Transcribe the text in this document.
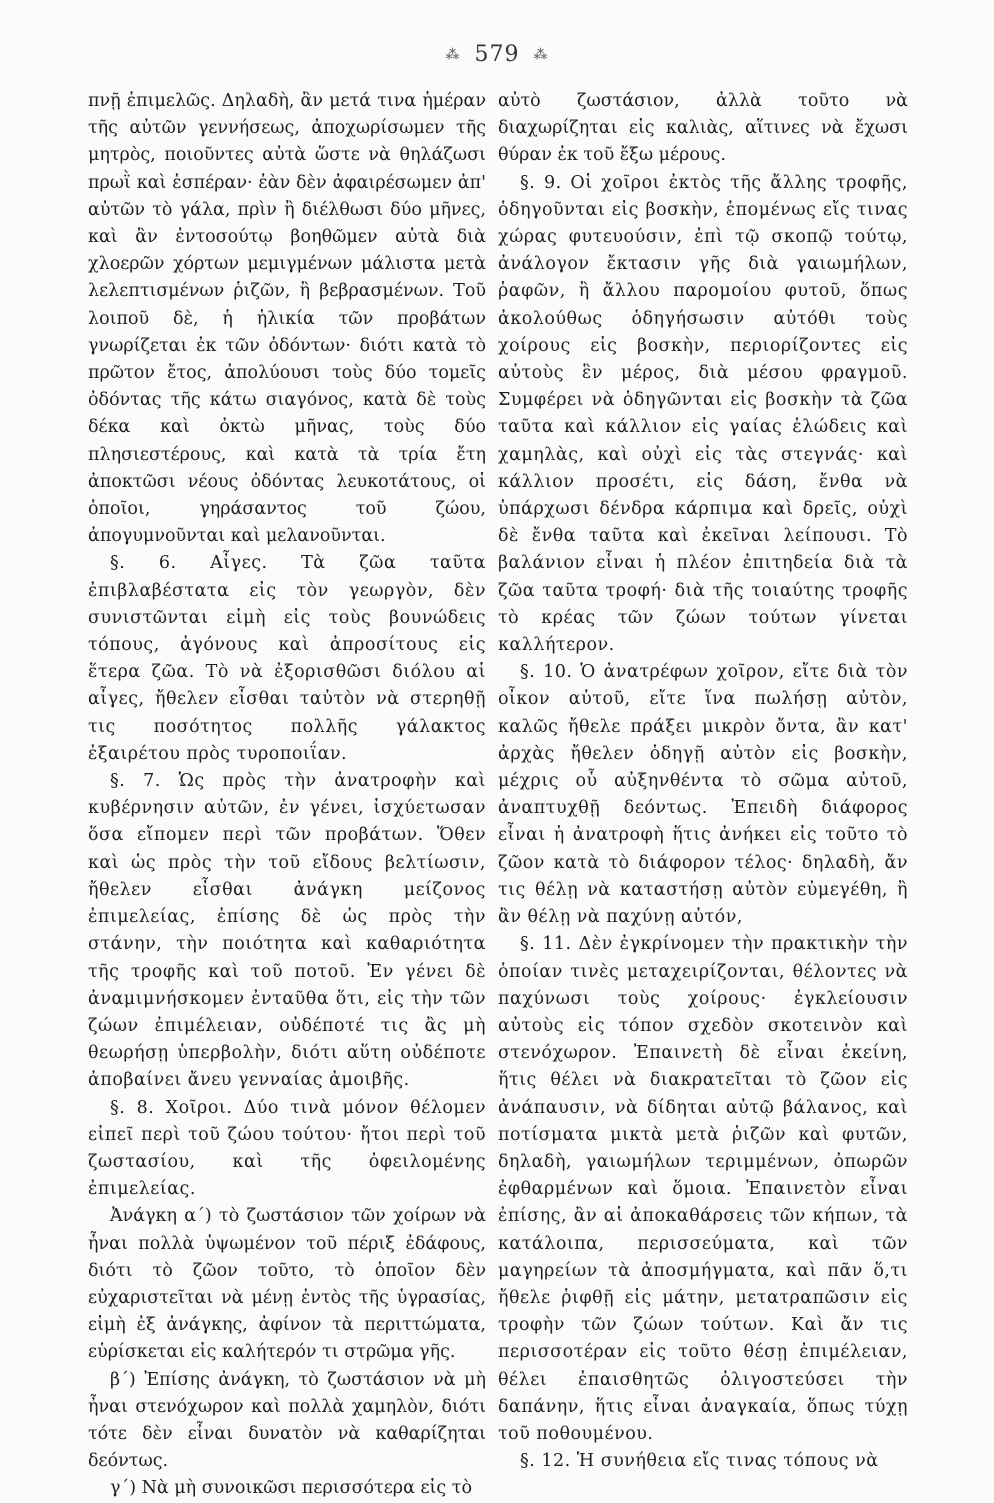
⁂ 579 ⁂

πνῇ ἐπιμελῶς. Δηλαδὴ, ἂν μετά τινα ἡμέραν τῆς αὐτῶν γεννήσεως, ἀποχωρίσωμεν τῆς μητρὸς, ποιοῦντες αὐτὰ ὥστε νὰ θηλάζωσι πρωῒ καὶ ἑσπέραν· ἐὰν δὲν ἀφαιρέσωμεν ἀπ' αὐτῶν τὸ γάλα, πρὶν ἢ διέλθωσι δύο μῆνες, καὶ ἂν ἐντοσούτῳ βοηθῶμεν αὐτὰ διὰ χλοερῶν χόρτων μεμιγμένων μάλιστα μετὰ λελεπτισμένων ῥιζῶν, ἢ βεβρασμένων. Τοῦ λοιποῦ δὲ, ἡ ἡλικία τῶν προβάτων γνωρίζεται ἐκ τῶν ὀδόντων· διότι κατὰ τὸ πρῶτον ἔτος, ἀπολύουσι τοὺς δύο τομεῖς ὀδόντας τῆς κάτω σιαγόνος, κατὰ δὲ τοὺς δέκα καὶ ὀκτὼ μῆνας, τοὺς δύο πλησιεστέρους, καὶ κατὰ τὰ τρία ἔτη ἀποκτῶσι νέους ὀδόντας λευκοτάτους, οἱ ὁποῖοι, γηράσαντος τοῦ ζώου, ἀπογυμνοῦνται καὶ μελανοῦνται.

§. 6. Αἶγες. Τὰ ζῶα ταῦτα ἐπιβλαβέστατα εἰς τὸν γεωργὸν, δὲν συνιστῶνται εἰμὴ εἰς τοὺς βουνώδεις τόπους, ἀγόνους καὶ ἀπροσίτους εἰς ἕτερα ζῶα. Τὸ νὰ ἐξορισθῶσι διόλου αἱ αἶγες, ἤθελεν εἶσθαι ταὐτὸν νὰ στερηθῇ τις ποσότητος πολλῆς γάλακτος ἐξαιρέτου πρὸς τυροποιΐαν.

§. 7. Ὡς πρὸς τὴν ἀνατροφὴν καὶ κυβέρνησιν αὐτῶν, ἐν γένει, ἰσχύετωσαν ὅσα εἴπομεν περὶ τῶν προβάτων. Ὅθεν καὶ ὡς πρὸς τὴν τοῦ εἴδους βελτίωσιν, ἤθελεν εἶσθαι ἀνάγκη μείζονος ἐπιμελείας, ἐπίσης δὲ ὡς πρὸς τὴν στάνην, τὴν ποιότητα καὶ καθαριότητα τῆς τροφῆς καὶ τοῦ ποτοῦ. Ἐν γένει δὲ ἀναμιμνήσκομεν ἐνταῦθα ὅτι, εἰς τὴν τῶν ζώων ἐπιμέλειαν, οὐδέποτέ τις ἂς μὴ θεωρήσῃ ὑπερβολὴν, διότι αὕτη οὐδέποτε ἀποβαίνει ἄνευ γενναίας ἀμοιβῆς.

§. 8. Χοῖροι. Δύο τινὰ μόνον θέλομεν εἰπεῖ περὶ τοῦ ζώου τούτου· ἤτοι περὶ τοῦ ζωστασίου, καὶ τῆς ὀφειλομένης ἐπιμελείας.

Ἀνάγκη α΄) τὸ ζωστάσιον τῶν χοίρων νὰ ἦναι πολλὰ ὑψωμένον τοῦ πέριξ ἐδάφους, διότι τὸ ζῶον τοῦτο, τὸ ὁποῖον δὲν εὐχαριστεῖται νὰ μένῃ ἐντὸς τῆς ὑγρασίας, εἰμὴ ἐξ ἀνάγκης, ἀφίνον τὰ περιττώματα, εὑρίσκεται εἰς καλήτερόν τι στρῶμα γῆς.

β΄) Ἐπίσης ἀνάγκη, τὸ ζωστάσιον νὰ μὴ ἦναι στενόχωρον καὶ πολλὰ χαμηλὸν, διότι τότε δὲν εἶναι δυνατὸν νὰ καθαρίζηται δεόντως.

γ΄) Νὰ μὴ συνοικῶσι περισσότερα εἰς τὸ

αὐτὸ ζωστάσιον, ἀλλὰ τοῦτο νὰ διαχωρίζηται εἰς καλιὰς, αἵτινες νὰ ἔχωσι θύραν ἐκ τοῦ ἔξω μέρους.

§. 9. Οἱ χοῖροι ἐκτὸς τῆς ἄλλης τροφῆς, ὁδηγοῦνται εἰς βοσκὴν, ἑπομένως εἴς τινας χώρας φυτευούσιν, ἐπὶ τῷ σκοπῷ τούτῳ, ἀνάλογον ἔκτασιν γῆς διὰ γαιωμήλων, ῥαφῶν, ἢ ἄλλου παρομοίου φυτοῦ, ὅπως ἀκολούθως ὁδηγήσωσιν αὐτόθι τοὺς χοίρους εἰς βοσκὴν, περιορίζοντες εἰς αὐτοὺς ἓν μέρος, διὰ μέσου φραγμοῦ. Συμφέρει νὰ ὁδηγῶνται εἰς βοσκὴν τὰ ζῶα ταῦτα καὶ κάλλιον εἰς γαίας ἑλώδεις καὶ χαμηλὰς, καὶ οὐχὶ εἰς τὰς στεγνάς· καὶ κάλλιον προσέτι, εἰς δάση, ἔνθα νὰ ὑπάρχωσι δένδρα κάρπιμα καὶ δρεῖς, οὐχὶ δὲ ἔνθα ταῦτα καὶ ἐκεῖναι λείπουσι. Τὸ βαλάνιον εἶναι ἡ πλέον ἐπιτηδεία διὰ τὰ ζῶα ταῦτα τροφή· διὰ τῆς τοιαύτης τροφῆς τὸ κρέας τῶν ζώων τούτων γίνεται καλλήτερον.

§. 10. Ὁ ἀνατρέφων χοῖρον, εἴτε διὰ τὸν οἶκον αὐτοῦ, εἴτε ἵνα πωλήσῃ αὐτὸν, καλῶς ἤθελε πράξει μικρὸν ὄντα, ἂν κατ' ἀρχὰς ἤθελεν ὁδηγῇ αὐτὸν εἰς βοσκὴν, μέχρις οὗ αὐξηνθέντα τὸ σῶμα αὐτοῦ, ἀναπτυχθῇ δεόντως. Ἐπειδὴ διάφορος εἶναι ἡ ἀνατροφὴ ἥτις ἀνήκει εἰς τοῦτο τὸ ζῶον κατὰ τὸ διάφορον τέλος· δηλαδὴ, ἄν τις θέλῃ νὰ καταστήσῃ αὐτὸν εὐμεγέθη, ἢ ἂν θέλῃ νὰ παχύνῃ αὐτόν,

§. 11. Δὲν ἐγκρίνομεν τὴν πρακτικὴν τὴν ὁποίαν τινὲς μεταχειρίζονται, θέλοντες νὰ παχύνωσι τοὺς χοίρους· ἐγκλείουσιν αὐτοὺς εἰς τόπον σχεδὸν σκοτεινὸν καὶ στενόχωρον. Ἐπαινετὴ δὲ εἶναι ἐκείνη, ἥτις θέλει νὰ διακρατεῖται τὸ ζῶον εἰς ἀνάπαυσιν, νὰ δίδηται αὐτῷ βάλανος, καὶ ποτίσματα μικτὰ μετὰ ῥιζῶν καὶ φυτῶν, δηλαδὴ, γαιωμήλων τεριμμένων, ὀπωρῶν ἐφθαρμένων καὶ ὅμοια. Ἐπαινετὸν εἶναι ἐπίσης, ἂν αἱ ἀποκαθάρσεις τῶν κήπων, τὰ κατάλοιπα, περισσεύματα, καὶ τῶν μαγηρείων τὰ ἀποσμήγματα, καὶ πᾶν ὅ,τι ἤθελε ῥιφθῇ εἰς μάτην, μετατραπῶσιν εἰς τροφὴν τῶν ζώων τούτων. Καὶ ἄν τις περισσοτέραν εἰς τοῦτο θέσῃ ἐπιμέλειαν, θέλει ἐπαισθητῶς ὀλιγοστεύσει τὴν δαπάνην, ἥτις εἶναι ἀναγκαία, ὅπως τύχῃ τοῦ ποθουμένου.

§. 12. Ἡ συνήθεια εἴς τινας τόπους νὰ
